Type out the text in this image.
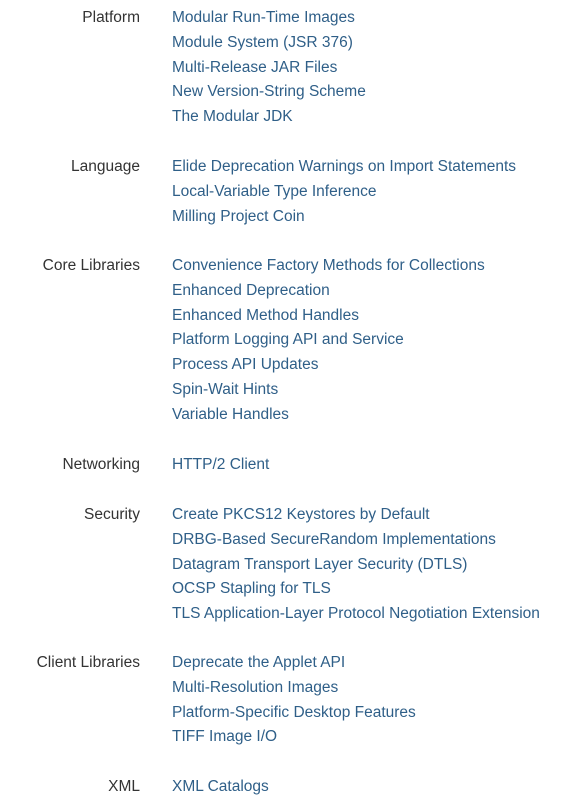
Platform Modular Run-Time Images
Module System (JSR 376)
Multi-Release JAR Files
New Version-String Scheme
The Modular JDK
Language Elide Deprecation Warnings on Import Statements
Local-Variable Type Inference
Milling Project Coin
Core Libraries Convenience Factory Methods for Collections
Enhanced Deprecation
Enhanced Method Handles
Platform Logging API and Service
Process API Updates
Spin-Wait Hints
Variable Handles
Networking HTTP/2 Client
Security Create PKCS12 Keystores by Default
DRBG-Based SecureRandom Implementations
Datagram Transport Layer Security (DTLS)
OCSP Stapling for TLS
TLS Application-Layer Protocol Negotiation Extension
Client Libraries Deprecate the Applet API
Multi-Resolution Images
Platform-Specific Desktop Features
TIFF Image I/O
XML XML Catalogs
